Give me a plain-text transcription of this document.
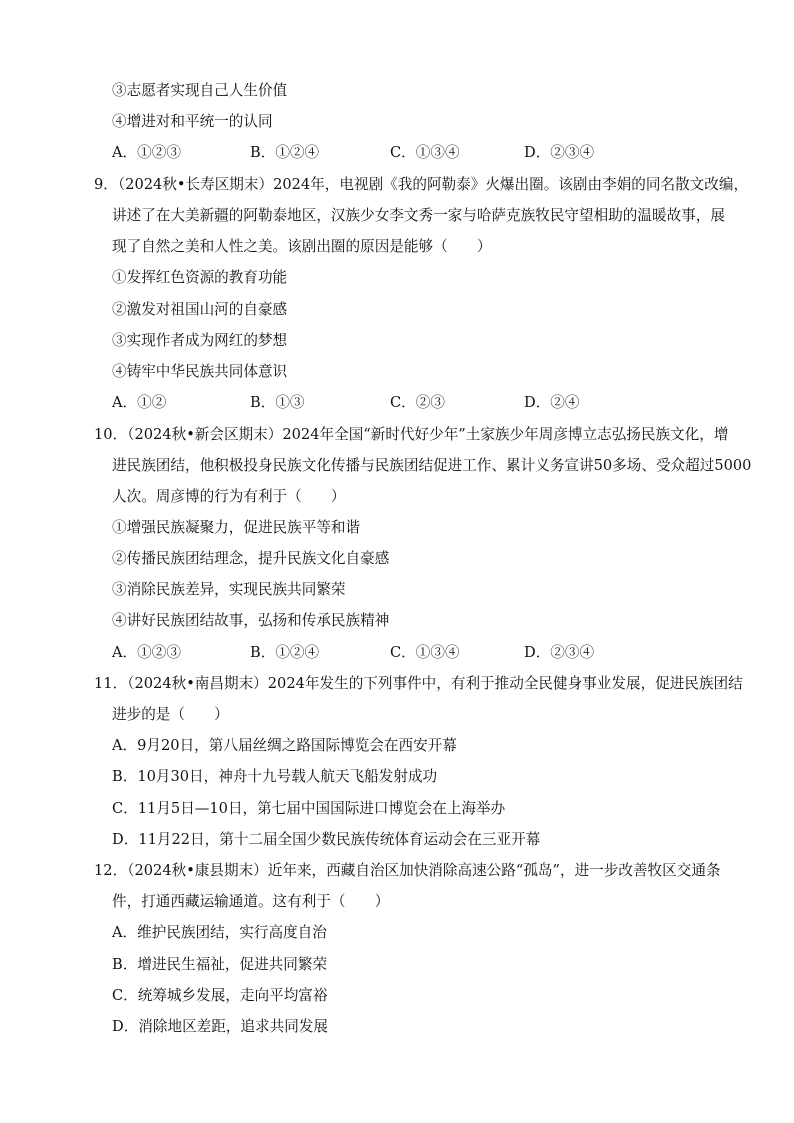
③志愿者实现自己人生价值
④增进对和平统一的认同
A．①②③	B．①②④	C．①③④	D．②③④
9．（2024秋•长寿区期末）2024年，电视剧《我的阿勒泰》火爆出圈。该剧由李娟的同名散文改编，
讲述了在大美新疆的阿勒泰地区，汉族少女李文秀一家与哈萨克族牧民守望相助的温暖故事，展
现了自然之美和人性之美。该剧出圈的原因是能够（　　）
①发挥红色资源的教育功能
②激发对祖国山河的自豪感
③实现作者成为网红的梦想
④铸牢中华民族共同体意识
A．①②	B．①③	C．②③	D．②④
10．（2024秋•新会区期末）2024年全国“新时代好少年”土家族少年周彦博立志弘扬民族文化，增
进民族团结，他积极投身民族文化传播与民族团结促进工作、累计义务宣讲50多场、受众超过5000
人次。周彦博的行为有利于（　　）
①增强民族凝聚力，促进民族平等和谐
②传播民族团结理念，提升民族文化自豪感
③消除民族差异，实现民族共同繁荣
④讲好民族团结故事，弘扬和传承民族精神
A．①②③	B．①②④	C．①③④	D．②③④
11．（2024秋•南昌期末）2024年发生的下列事件中，有利于推动全民健身事业发展，促进民族团结
进步的是（　　）
A．9月20日，第八届丝绸之路国际博览会在西安开幕
B．10月30日，神舟十九号载人航天飞船发射成功
C．11月5日—10日，第七届中国国际进口博览会在上海举办
D．11月22日，第十二届全国少数民族传统体育运动会在三亚开幕
12．（2024秋•康县期末）近年来，西藏自治区加快消除高速公路“孤岛”，进一步改善牧区交通条
件，打通西藏运输通道。这有利于（　　）
A．维护民族团结，实行高度自治
B．增进民生福祉，促进共同繁荣
C．统筹城乡发展，走向平均富裕
D．消除地区差距，追求共同发展
